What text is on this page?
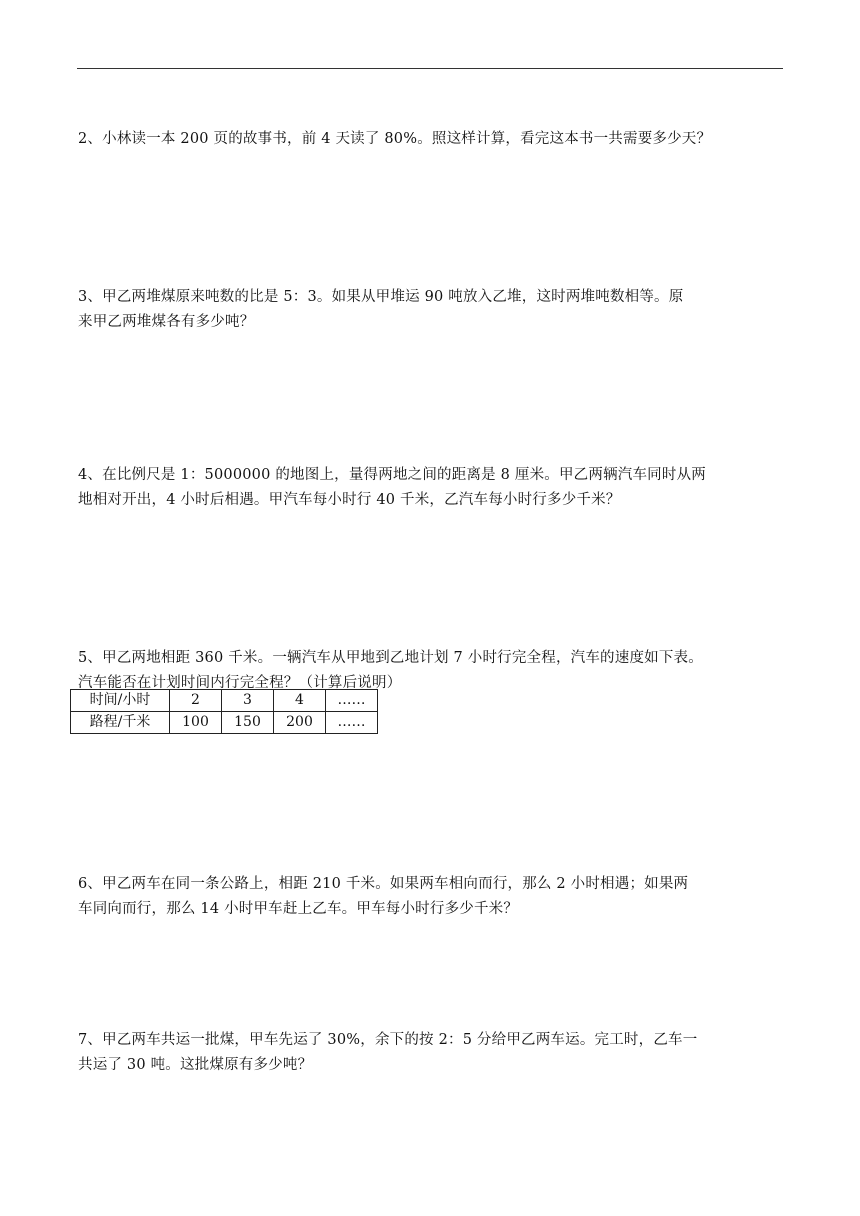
2、小林读一本 200 页的故事书，前 4 天读了 80%。照这样计算，看完这本书一共需要多少天？

3、甲乙两堆煤原来吨数的比是 5：3。如果从甲堆运 90 吨放入乙堆，这时两堆吨数相等。原

来甲乙两堆煤各有多少吨？

4、在比例尺是 1：5000000 的地图上，量得两地之间的距离是 8 厘米。甲乙两辆汽车同时从两

地相对开出，4 小时后相遇。甲汽车每小时行 40 千米，乙汽车每小时行多少千米？

5、甲乙两地相距 360 千米。一辆汽车从甲地到乙地计划 7 小时行完全程，汽车的速度如下表。

汽车能否在计划时间内行完全程？（计算后说明）

时间/小时	2	3	4	……
路程/千米	100	150	200	……

6、甲乙两车在同一条公路上，相距 210 千米。如果两车相向而行，那么 2 小时相遇；如果两

车同向而行，那么 14 小时甲车赶上乙车。甲车每小时行多少千米？

7、甲乙两车共运一批煤，甲车先运了 30%，余下的按 2：5 分给甲乙两车运。完工时，乙车一

共运了 30 吨。这批煤原有多少吨？
